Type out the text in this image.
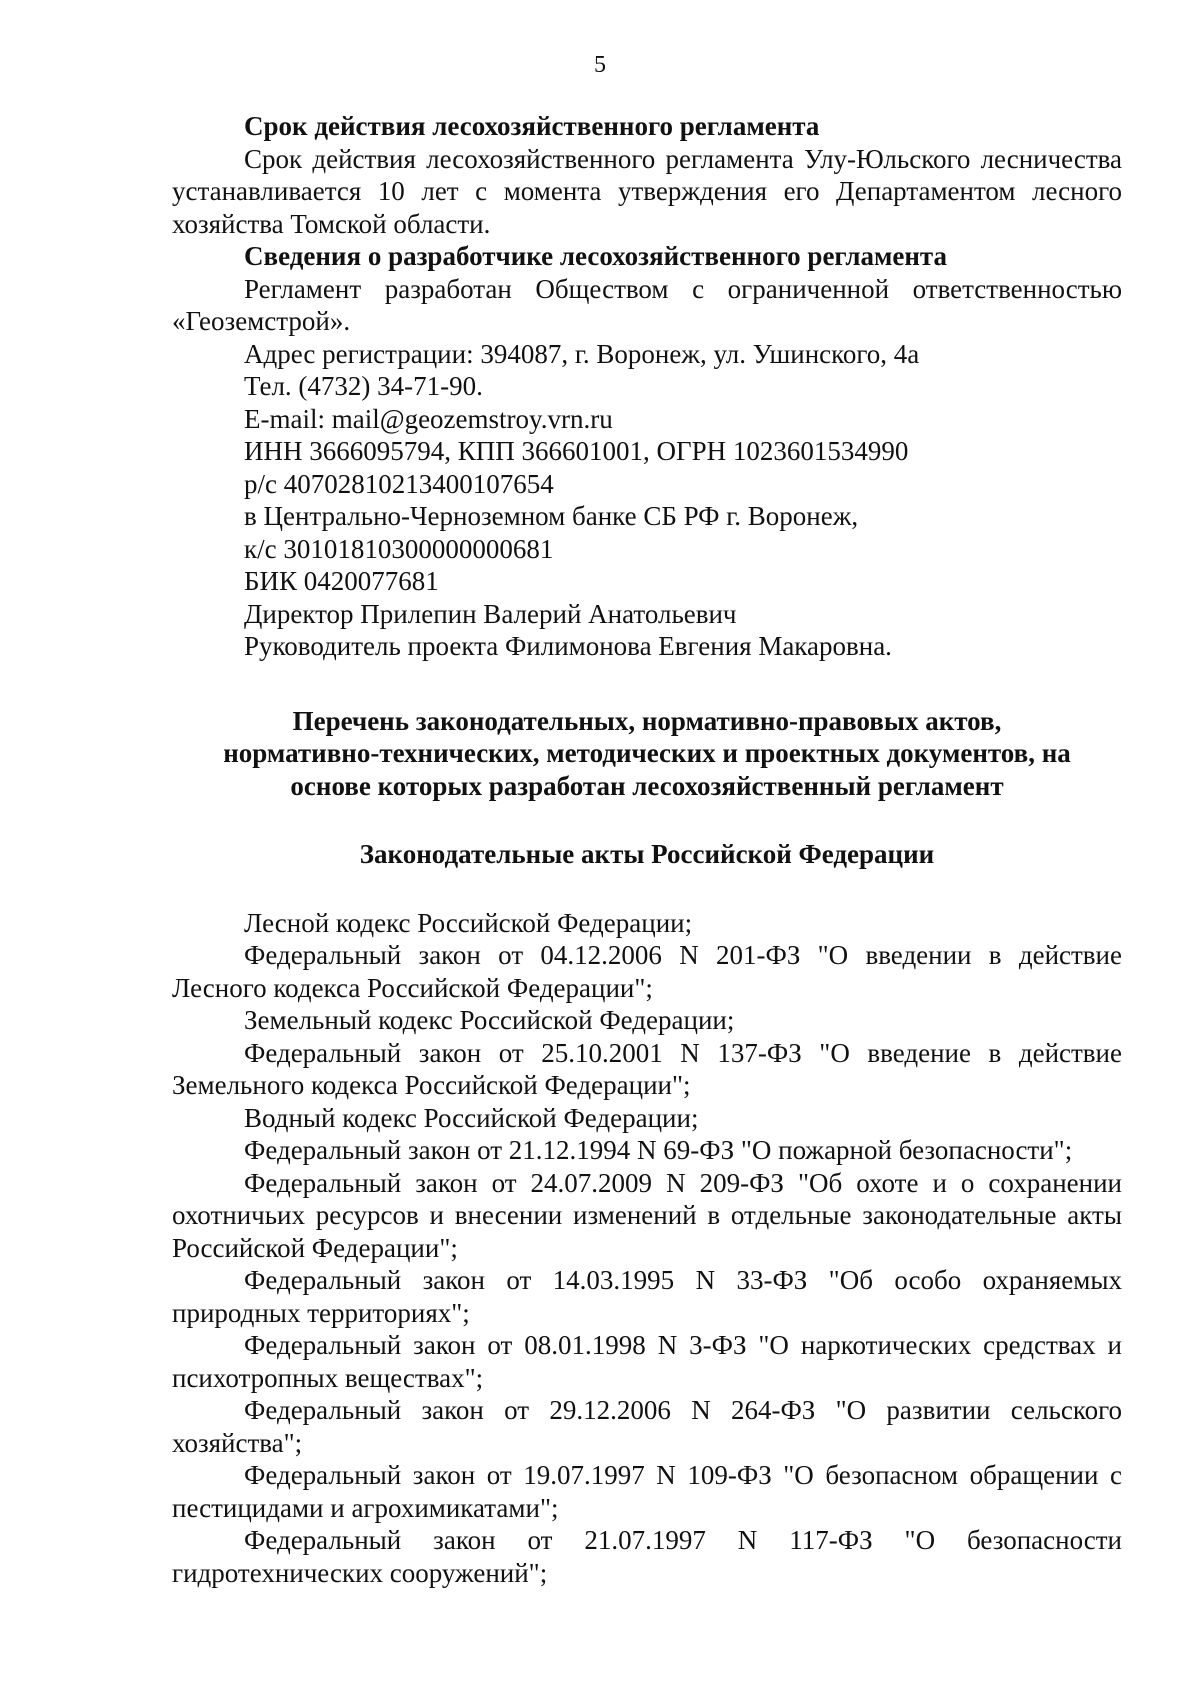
5

Срок действия лесохозяйственного регламента

Срок действия лесохозяйственного регламента Улу-Юльского лесничества устанавливается 10 лет с момента утверждения его Департаментом лесного хозяйства Томской области.

Сведения о разработчике лесохозяйственного регламента

Регламент разработан Обществом с ограниченной ответственностью «Геоземстрой».

Адрес регистрации: 394087, г. Воронеж, ул. Ушинского, 4а

Тел. (4732) 34-71-90.

E-mail: mail@geozemstroy.vrn.ru

ИНН 3666095794, КПП 366601001, ОГРН 1023601534990

р/с 40702810213400107654

в Центрально-Черноземном банке СБ РФ г. Воронеж,

к/с 30101810300000000681

БИК 0420077681

Директор Прилепин Валерий Анатольевич

Руководитель проекта Филимонова Евгения Макаровна.

Перечень законодательных, нормативно-правовых актов,

нормативно-технических, методических и проектных документов, на

основе которых разработан лесохозяйственный регламент

Законодательные акты Российской Федерации

Лесной кодекс Российской Федерации;

Федеральный закон от 04.12.2006 N 201-ФЗ "О введении в действие Лесного кодекса Российской Федерации";

Земельный кодекс Российской Федерации;

Федеральный закон от 25.10.2001 N 137-ФЗ "О введение в действие Земельного кодекса Российской Федерации";

Водный кодекс Российской Федерации;

Федеральный закон от 21.12.1994 N 69-ФЗ "О пожарной безопасности";

Федеральный закон от 24.07.2009 N 209-ФЗ "Об охоте и о сохранении охотничьих ресурсов и внесении изменений в отдельные законодательные акты Российской Федерации";

Федеральный закон от 14.03.1995 N 33-ФЗ "Об особо охраняемых природных территориях";

Федеральный закон от 08.01.1998 N 3-ФЗ "О наркотических средствах и психотропных веществах";

Федеральный закон от 29.12.2006 N 264-ФЗ "О развитии сельского хозяйства";

Федеральный закон от 19.07.1997 N 109-ФЗ "О безопасном обращении с пестицидами и агрохимикатами";

Федеральный закон от 21.07.1997 N 117-ФЗ "О безопасности гидротехнических сооружений";
